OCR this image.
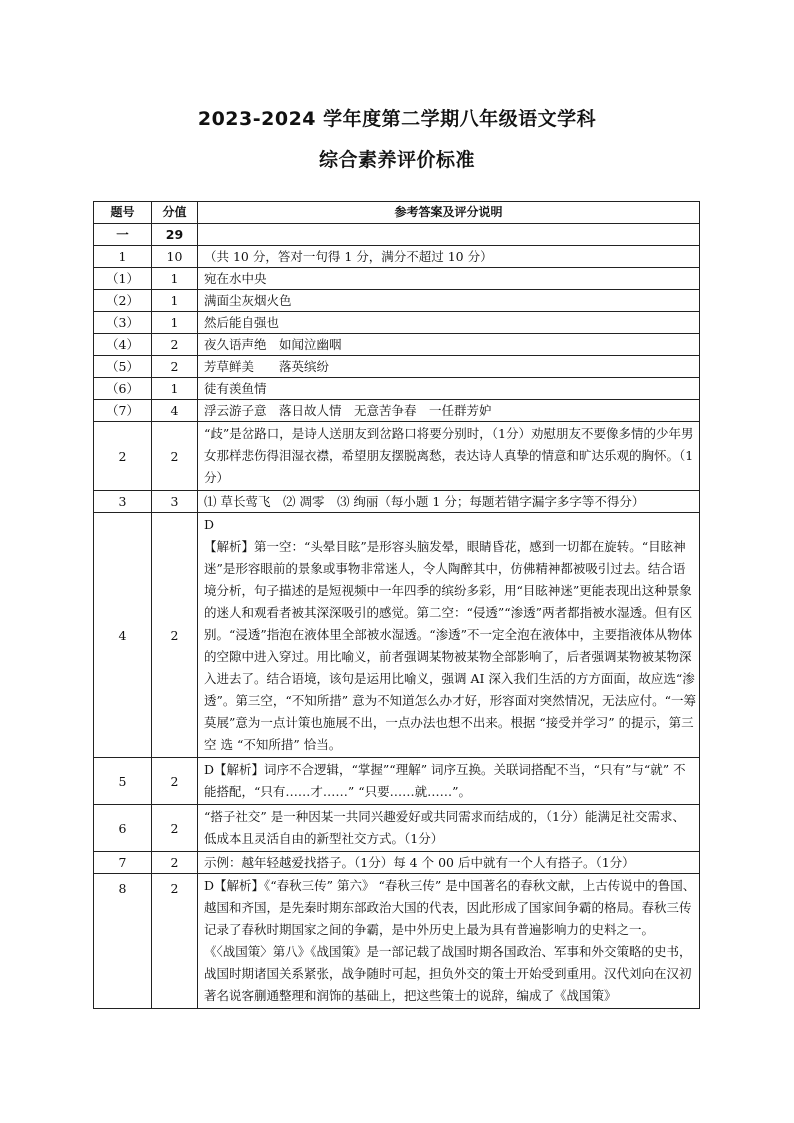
2023-2024 学年度第二学期八年级语文学科
综合素养评价标准
题号	分值	参考答案及评分说明
一	29	
1	10	（共 10 分，答对一句得 1 分，满分不超过 10 分）
（1）	1	宛在水中央
（2）	1	满面尘灰烟火色
（3）	1	然后能自强也
（4）	2	夜久语声绝　如闻泣幽咽
（5）	2	芳草鲜美　　落英缤纷
（6）	1	徒有羡鱼情
（7）	4	浮云游子意　落日故人情　无意苦争春　一任群芳妒
2	2	“歧”是岔路口，是诗人送朋友到岔路口将要分别时，（1分）劝慰朋友不要像多情的少年男女那样悲伤得泪湿衣襟，希望朋友摆脱离愁，表达诗人真挚的情意和旷达乐观的胸怀。（1分）
3	3	⑴ 草长莺飞　⑵ 凋零　⑶ 绚丽（每小题 1 分；每题若错字漏字多字等不得分）
4	2	D
【解析】第一空：“头晕目眩”是形容头脑发晕，眼睛昏花，感到一切都在旋转。“目眩神迷”是形容眼前的景象或事物非常迷人，令人陶醉其中，仿佛精神都被吸引过去。结合语境分析，句子描述的是短视频中一年四季的缤纷多彩，用“目眩神迷”更能表现出这种景象的迷人和观看者被其深深吸引的感觉。第二空：“侵透”“渗透”两者都指被水湿透。但有区别。“浸透”指泡在液体里全部被水湿透。“渗透”不一定全泡在液体中，主要指液体从物体的空隙中进入穿过。用比喻义，前者强调某物被某物全部影响了，后者强调某物被某物深入进去了。结合语境，该句是运用比喻义，强调 AI 深入我们生活的方方面面，故应选“渗透”。第三空，“不知所措” 意为不知道怎么办才好，形容面对突然情况，无法应付。“一筹莫展”意为一点计策也施展不出，一点办法也想不出来。根据 “接受并学习” 的提示，第三空 选 “不知所措” 恰当。
5	2	D【解析】词序不合逻辑，“掌握”“理解” 词序互换。关联词搭配不当，“只有”与“就” 不能搭配，“只有……才……” “只要……就……”。
6	2	“搭子社交” 是一种因某一共同兴趣爱好或共同需求而结成的，（1分）能满足社交需求、低成本且灵活自由的新型社交方式。（1分）
7	2	示例：越年轻越爱找搭子。（1分）每 4 个 00 后中就有一个人有搭子。（1分）
8	2	D【解析】《“春秋三传” 第六》 “春秋三传” 是中国著名的春秋文献，上古传说中的鲁国、越国和齐国，是先秦时期东部政治大国的代表，因此形成了国家间争霸的格局。春秋三传记录了春秋时期国家之间的争霸，是中外历史上最为具有普遍影响力的史料之一。
《〈战国策〉第八》《战国策》是一部记载了战国时期各国政治、军事和外交策略的史书，战国时期诸国关系紧张，战争随时可起，担负外交的策士开始受到重用。汉代刘向在汉初著名说客蒯通整理和润饰的基础上，把这些策士的说辞，编成了《战国策》
